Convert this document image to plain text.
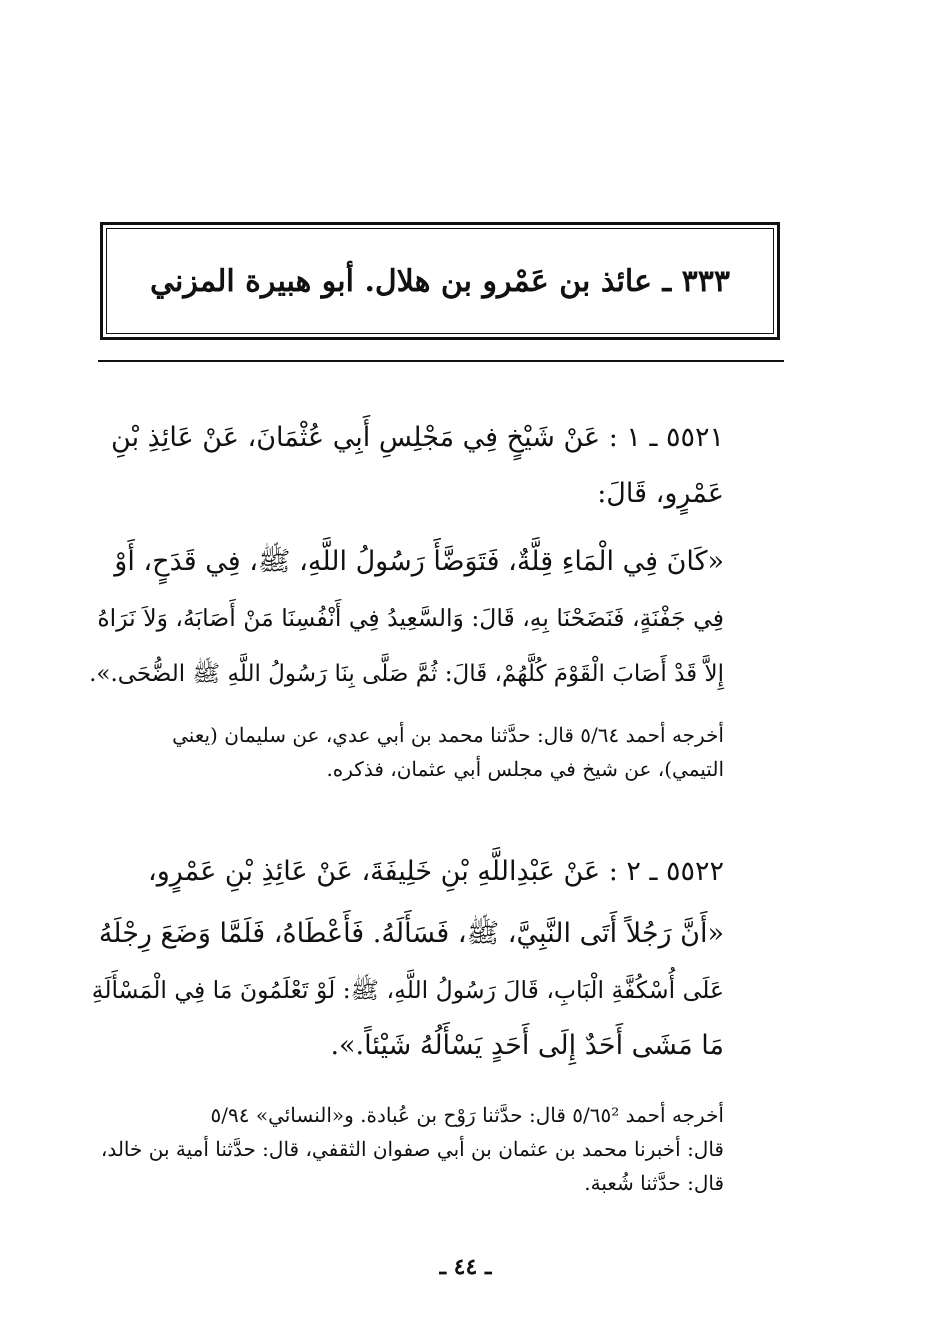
٣٣٣ ـ عائذ بن عَمْرو بن هلال. أبو هبيرة المزني
٥٥٢١ ـ ١ : عَنْ شَيْخٍ فِي مَجْلِسِ أَبِي عُثْمَانَ، عَنْ عَائِذِ بْنِ
عَمْرٍو، قَالَ:
«كَانَ فِي الْمَاءِ قِلَّةٌ، فَتَوَضَّأَ رَسُولُ اللَّهِ، ﷺ، فِي قَدَحٍ، أَوْ
فِي جَفْنَةٍ، فَنَضَحْنَا بِهِ، قَالَ: وَالسَّعِيدُ فِي أَنْفُسِنَا مَنْ أَصَابَهُ، وَلاَ نَرَاهُ
إِلاَّ قَدْ أَصَابَ الْقَوْمَ كُلَّهُمْ، قَالَ: ثُمَّ صَلَّى بِنَا رَسُولُ اللَّهِ ﷺ الضُّحَى.».
أخرجه أحمد ٥/٦٤ قال: حدَّثنا محمد بن أبي عدي، عن سليمان (يعني
التيمي)، عن شيخ في مجلس أبي عثمان، فذكره.
٥٥٢٢ ـ ٢ : عَنْ عَبْدِاللَّهِ بْنِ خَلِيفَةَ، عَنْ عَائِذِ بْنِ عَمْرٍو،
«أَنَّ رَجُلاً أَتَى النَّبِيَّ، ﷺ، فَسَأَلَهُ. فَأَعْطَاهُ، فَلَمَّا وَضَعَ رِجْلَهُ
عَلَى أُسْكُفَّةِ الْبَابِ، قَالَ رَسُولُ اللَّهِ، ﷺ: لَوْ تَعْلَمُونَ مَا فِي الْمَسْأَلَةِ
مَا مَشَى أَحَدٌ إِلَى أَحَدٍ يَسْأَلُهُ شَيْئاً.».
أخرجه أحمد ٥/٦٥² قال: حدَّثنا رَوْح بن عُبادة. و«النسائي» ٥/٩٤
قال: أخبرنا محمد بن عثمان بن أبي صفوان الثقفي، قال: حدَّثنا أمية بن خالد،
قال: حدَّثنا شُعبة.
ـ ٤٤ ـ
